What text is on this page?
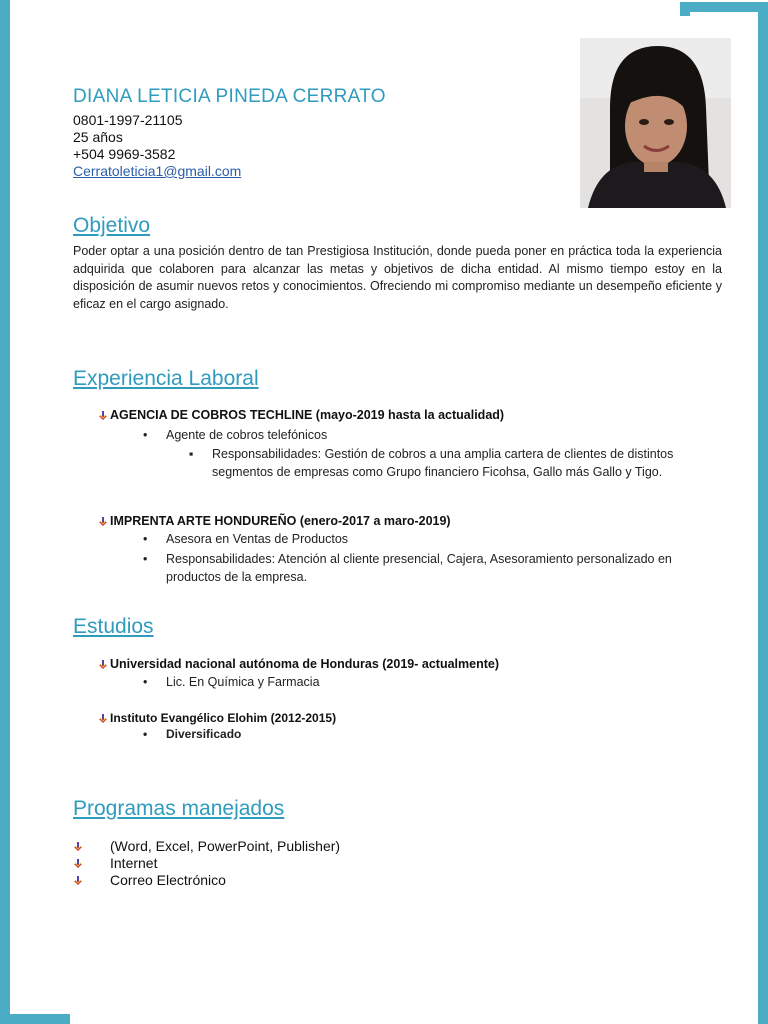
DIANA LETICIA PINEDA CERRATO
0801-1997-21105
25 años
+504 9969-3582
Cerratoleticia1@gmail.com
Objetivo
Poder optar a una posición dentro de tan Prestigiosa Institución, donde pueda poner en práctica toda la experiencia adquirida que colaboren para alcanzar las metas y objetivos de dicha entidad. Al mismo tiempo estoy en la disposición de asumir nuevos retos y conocimientos. Ofreciendo mi compromiso mediante un desempeño eficiente y eficaz en el cargo asignado.
Experiencia Laboral
AGENCIA DE COBROS TECHLINE (mayo-2019 hasta la actualidad)
• Agente de cobros telefónicos
▪	Responsabilidades: Gestión de cobros a una amplia cartera de clientes de distintos segmentos de empresas como Grupo financiero Ficohsa, Gallo más Gallo y Tigo.
IMPRENTA ARTE HONDUREÑO (enero-2017 a maro-2019)
• Asesora en Ventas de Productos
•	Responsabilidades: Atención al cliente presencial, Cajera, Asesoramiento personalizado en productos de la empresa.
Estudios
Universidad nacional autónoma de Honduras (2019- actualmente)
• Lic. En Química y Farmacia
Instituto Evangélico Elohim (2012-2015)
• Diversificado
Programas manejados
(Word, Excel, PowerPoint, Publisher)
Internet
Correo Electrónico
